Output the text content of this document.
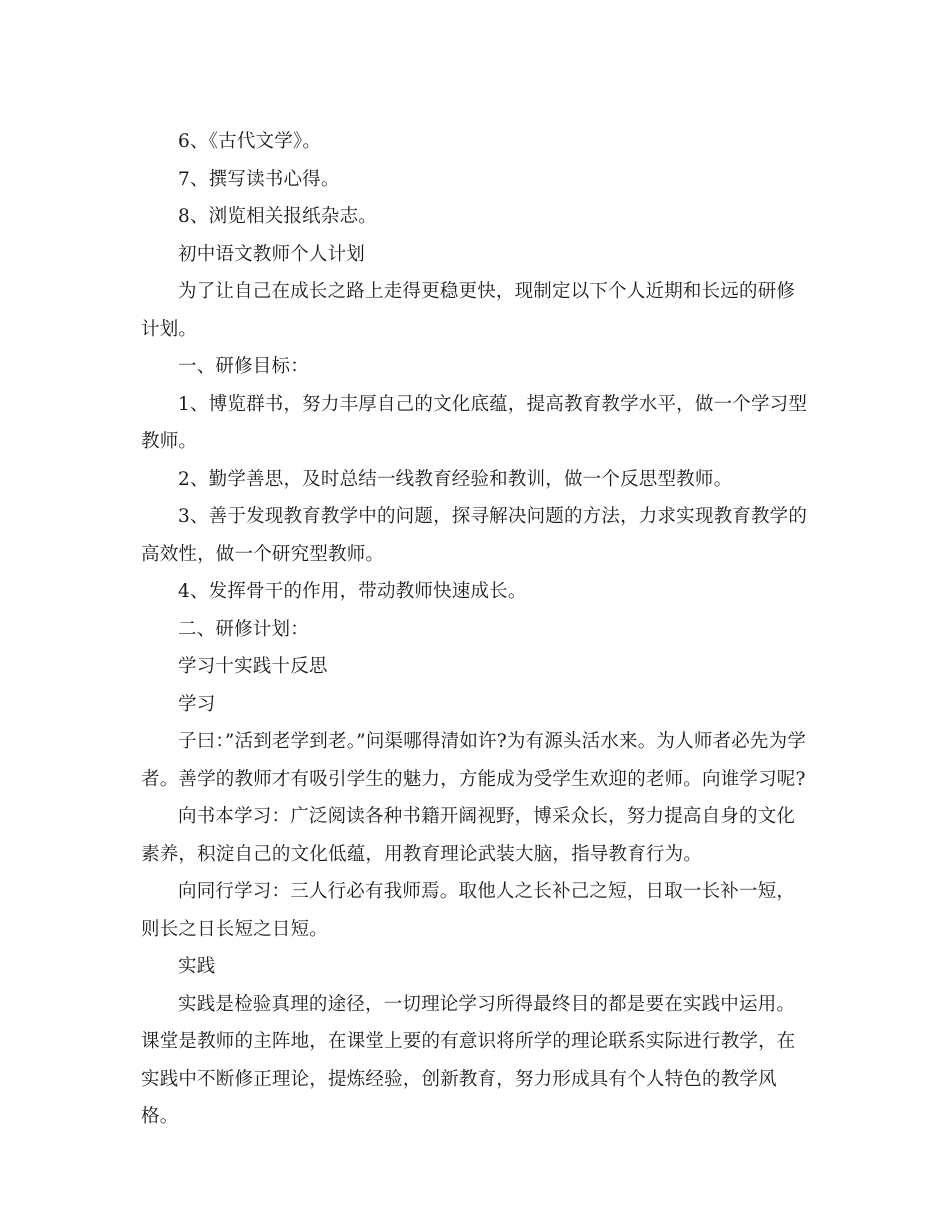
6、《古代文学》。

7、撰写读书心得。

8、浏览相关报纸杂志。

初中语文教师个人计划

为了让自己在成长之路上走得更稳更快，现制定以下个人近期和长远的研修计划。

一、研修目标：

1、博览群书，努力丰厚自己的文化底蕴，提高教育教学水平，做一个学习型教师。

2、勤学善思，及时总结一线教育经验和教训，做一个反思型教师。

3、善于发现教育教学中的问题，探寻解决问题的方法，力求实现教育教学的高效性，做一个研究型教师。

4、发挥骨干的作用，带动教师快速成长。

二、研修计划：

学习十实践十反思

学习

子曰：”活到老学到老。”问渠哪得清如许?为有源头活水来。为人师者必先为学者。善学的教师才有吸引学生的魅力，方能成为受学生欢迎的老师。向谁学习呢?

向书本学习：广泛阅读各种书籍开阔视野，博采众长，努力提高自身的文化素养，积淀自己的文化低蕴，用教育理论武装大脑，指导教育行为。

向同行学习：三人行必有我师焉。取他人之长补己之短，日取一长补一短，则长之日长短之日短。

实践

实践是检验真理的途径，一切理论学习所得最终目的都是要在实践中运用。课堂是教师的主阵地，在课堂上要的有意识将所学的理论联系实际进行教学，在实践中不断修正理论，提炼经验，创新教育，努力形成具有个人特色的教学风格。
